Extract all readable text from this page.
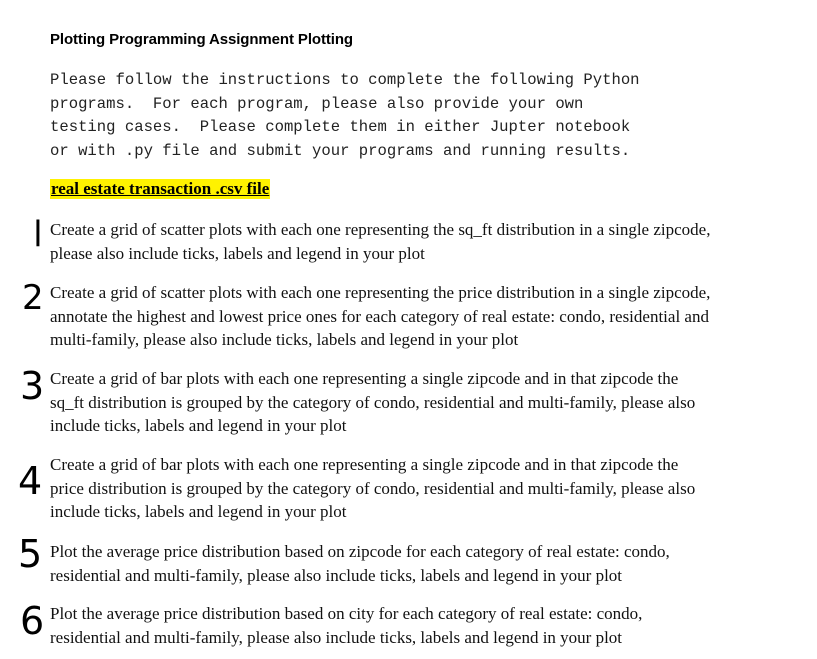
Plotting Programming Assignment Plotting
Please follow the instructions to complete the following Python
programs.  For each program, please also provide your own
testing cases.  Please complete them in either Jupter notebook
or with .py file and submit your programs and running results.
real estate transaction .csv file
| Create a grid of scatter plots with each one representing the sq_ft distribution in a single zipcode,
please also include ticks, labels and legend in your plot
2 Create a grid of scatter plots with each one representing the price distribution in a single zipcode,
annotate the highest and lowest price ones for each category of real estate: condo, residential and
multi-family, please also include ticks, labels and legend in your plot
3 Create a grid of bar plots with each one representing a single zipcode and in that zipcode the
sq_ft distribution is grouped by the category of condo, residential and multi-family, please also
include ticks, labels and legend in your plot
4 Create a grid of bar plots with each one representing a single zipcode and in that zipcode the
price distribution is grouped by the category of condo, residential and multi-family, please also
include ticks, labels and legend in your plot
5 Plot the average price distribution based on zipcode for each category of real estate: condo,
residential and multi-family, please also include ticks, labels and legend in your plot
6 Plot the average price distribution based on city for each category of real estate: condo,
residential and multi-family, please also include ticks, labels and legend in your plot
